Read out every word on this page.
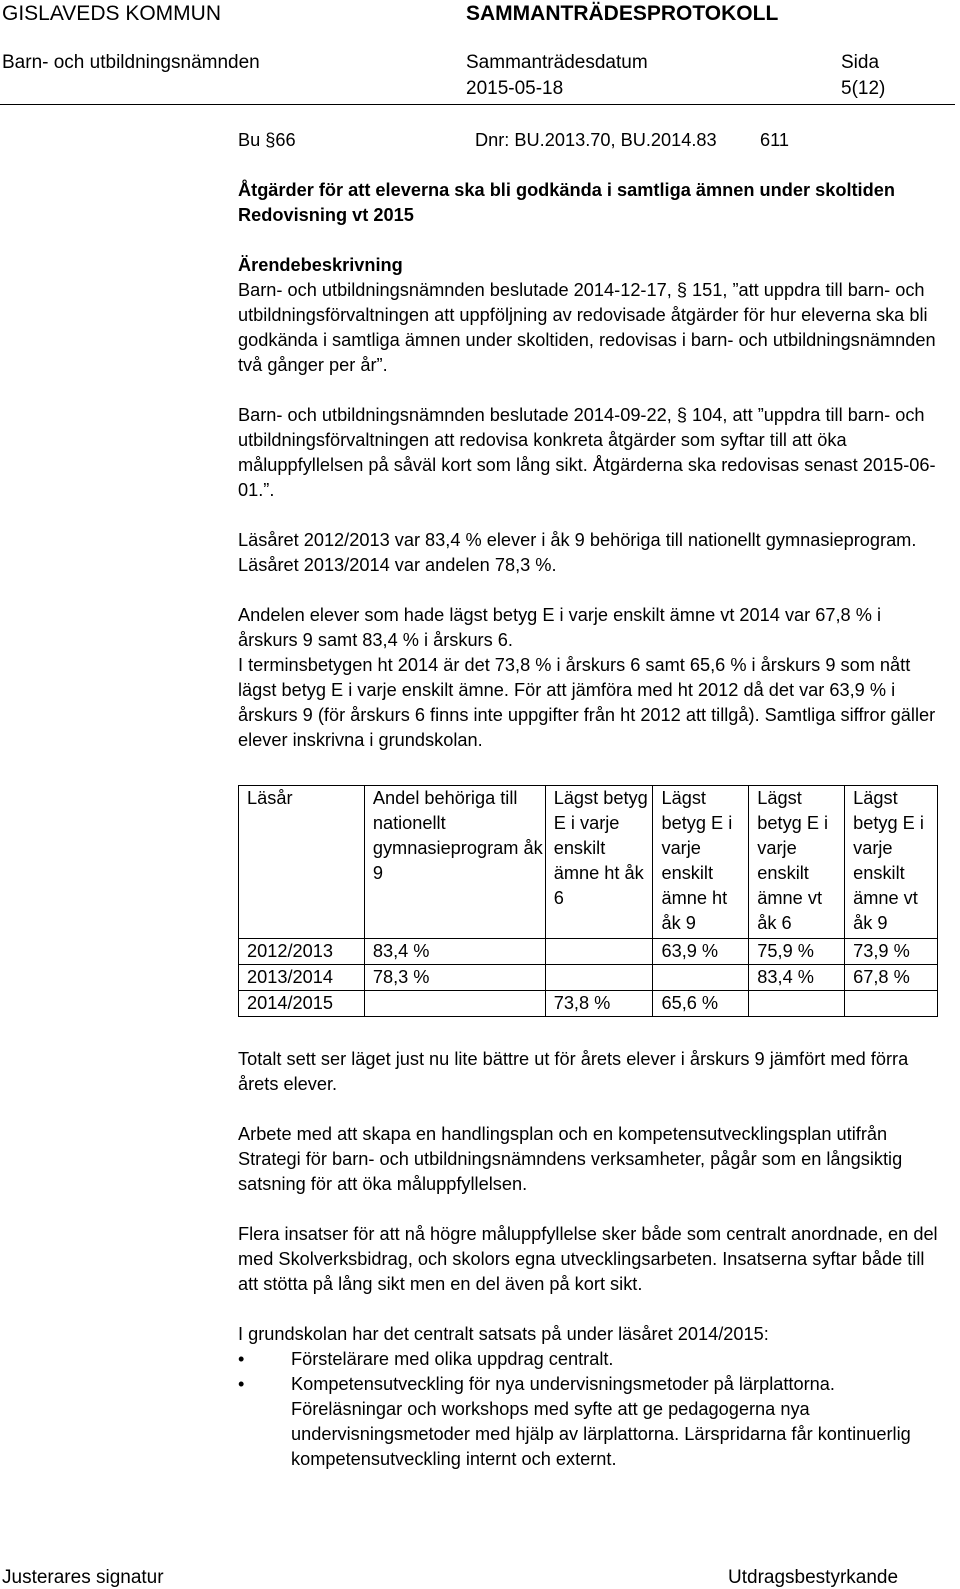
GISLAVEDS KOMMUN	SAMMANTRÄDESPROTOKOLL
Barn- och utbildningsnämnden	Sammanträdesdatum
2015-05-18
Sida
5(12)
Bu §66	Dnr: BU.2013.70, BU.2014.83	611
Åtgärder för att eleverna ska bli godkända i samtliga ämnen under skoltiden
Redovisning vt 2015
Ärendebeskrivning

Barn- och utbildningsnämnden beslutade 2014-12-17, § 151, ”att uppdra till barn- och utbildningsförvaltningen att uppföljning av redovisade åtgärder för hur eleverna ska bli godkända i samtliga ämnen under skoltiden, redovisas i barn- och utbildningsnämnden två gånger per år”.

Barn- och utbildningsnämnden beslutade 2014-09-22, § 104, att ”uppdra till barn- och utbildningsförvaltningen att redovisa konkreta åtgärder som syftar till att öka måluppfyllelsen på såväl kort som lång sikt. Åtgärderna ska redovisas senast 2015-06-01.”.

Läsåret 2012/2013 var 83,4 % elever i åk 9 behöriga till nationellt gymnasieprogram. Läsåret 2013/2014 var andelen 78,3 %.

Andelen elever som hade lägst betyg E i varje enskilt ämne vt 2014 var 67,8 % i årskurs 9 samt 83,4 % i årskurs 6.

I terminsbetygen ht 2014 är det 73,8 % i årskurs 6 samt 65,6 % i årskurs 9 som nått lägst betyg E i varje enskilt ämne. För att jämföra med ht 2012 då det var 63,9 % i årskurs 9 (för årskurs 6 finns inte uppgifter från ht 2012 att tillgå). Samtliga siffror gäller elever inskrivna i grundskolan.

Läsår	Andel behöriga till nationellt gymnasieprogram åk 9	Lägst betyg E i varje enskilt ämne ht åk 6	Lägst betyg E i varje enskilt ämne ht åk 9	Lägst betyg E i varje enskilt ämne vt åk 6	Lägst betyg E i varje enskilt ämne vt åk 9
2012/2013	83,4 %		63,9 %	75,9 %	73,9 %
2013/2014	78,3 %			83,4 %	67,8 %
2014/2015		73,8 %	65,6 %		

Totalt sett ser läget just nu lite bättre ut för årets elever i årskurs 9 jämfört med förra årets elever.

Arbete med att skapa en handlingsplan och en kompetensutvecklingsplan utifrån Strategi för barn- och utbildningsnämndens verksamheter, pågår som en långsiktig satsning för att öka måluppfyllelsen.

Flera insatser för att nå högre måluppfyllelse sker både som centralt anordnade, en del med Skolverksbidrag, och skolors egna utvecklingsarbeten. Insatserna syftar både till att stötta på lång sikt men en del även på kort sikt.

I grundskolan har det centralt satsats på under läsåret 2014/2015:

• Förstelärare med olika uppdrag centralt.
• Kompetensutveckling för nya undervisningsmetoder på lärplattorna. Föreläsningar och workshops med syfte att ge pedagogerna nya undervisningsmetoder med hjälp av lärplattorna. Lärspridarna får kontinuerlig kompetensutveckling internt och externt.
Justerares signatur	Utdragsbestyrkande
